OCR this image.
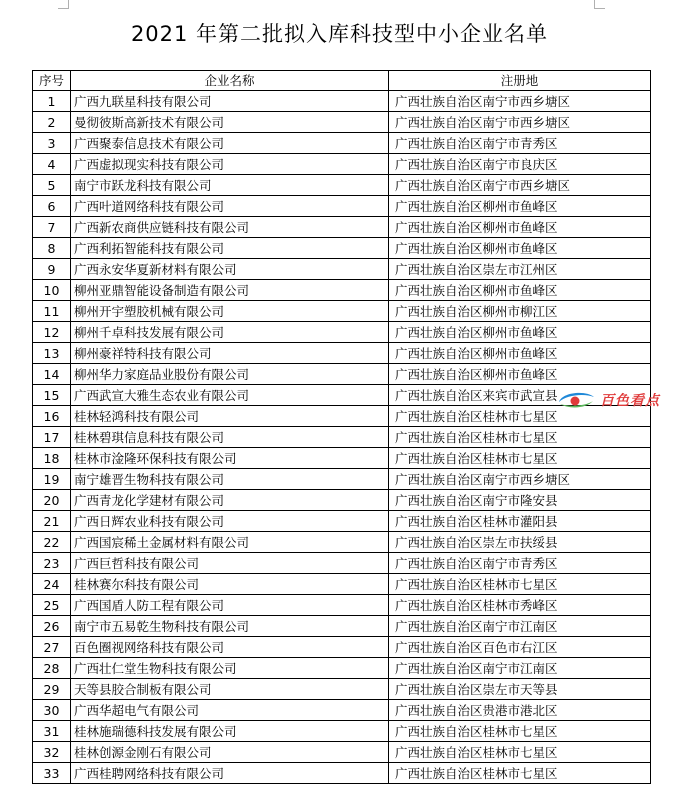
2021 年第二批拟入库科技型中小企业名单
序号	企业名称	注册地
1	广西九联星科技有限公司	广西壮族自治区南宁市西乡塘区
2	曼彻彼斯高新技术有限公司	广西壮族自治区南宁市西乡塘区
3	广西聚泰信息技术有限公司	广西壮族自治区南宁市青秀区
4	广西虚拟现实科技有限公司	广西壮族自治区南宁市良庆区
5	南宁市跃龙科技有限公司	广西壮族自治区南宁市西乡塘区
6	广西叶道网络科技有限公司	广西壮族自治区柳州市鱼峰区
7	广西新农商供应链科技有限公司	广西壮族自治区柳州市鱼峰区
8	广西利拓智能科技有限公司	广西壮族自治区柳州市鱼峰区
9	广西永安华夏新材料有限公司	广西壮族自治区崇左市江州区
10	柳州亚鼎智能设备制造有限公司	广西壮族自治区柳州市鱼峰区
11	柳州开宇塑胶机械有限公司	广西壮族自治区柳州市柳江区
12	柳州千卓科技发展有限公司	广西壮族自治区柳州市鱼峰区
13	柳州豪祥特科技有限公司	广西壮族自治区柳州市鱼峰区
14	柳州华力家庭品业股份有限公司	广西壮族自治区柳州市鱼峰区
15	广西武宣大雅生态农业有限公司	广西壮族自治区来宾市武宣县
16	桂林轻鸿科技有限公司	广西壮族自治区桂林市七星区
17	桂林碧琪信息科技有限公司	广西壮族自治区桂林市七星区
18	桂林市淦隆环保科技有限公司	广西壮族自治区桂林市七星区
19	南宁雄晋生物科技有限公司	广西壮族自治区南宁市西乡塘区
20	广西青龙化学建材有限公司	广西壮族自治区南宁市隆安县
21	广西日辉农业科技有限公司	广西壮族自治区桂林市灌阳县
22	广西国宸稀土金属材料有限公司	广西壮族自治区崇左市扶绥县
23	广西巨哲科技有限公司	广西壮族自治区南宁市青秀区
24	桂林赛尔科技有限公司	广西壮族自治区桂林市七星区
25	广西国盾人防工程有限公司	广西壮族自治区桂林市秀峰区
26	南宁市五易乾生物科技有限公司	广西壮族自治区南宁市江南区
27	百色圈视网络科技有限公司	广西壮族自治区百色市右江区
28	广西壮仁堂生物科技有限公司	广西壮族自治区南宁市江南区
29	天等县胶合制板有限公司	广西壮族自治区崇左市天等县
30	广西华超电气有限公司	广西壮族自治区贵港市港北区
31	桂林施瑞德科技发展有限公司	广西壮族自治区桂林市七星区
32	桂林创源金刚石有限公司	广西壮族自治区桂林市七星区
33	广西桂聘网络科技有限公司	广西壮族自治区桂林市七星区
百色看点
